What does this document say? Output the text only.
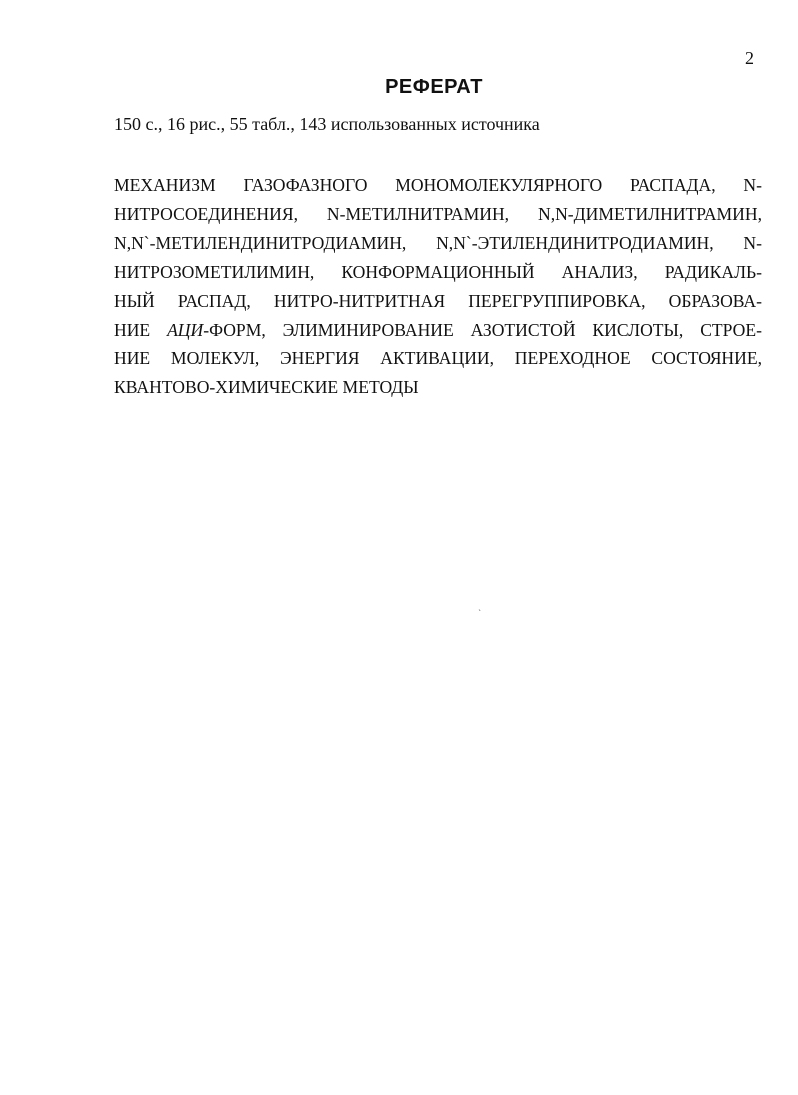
2
РЕФЕРАТ
150 с., 16 рис., 55 табл., 143 использованных источника
МЕХАНИЗМ ГАЗОФАЗНОГО МОНОМОЛЕКУЛЯРНОГО РАСПАДА, N-
НИТРОСОЕДИНЕНИЯ, N-МЕТИЛНИТРАМИН, N,N-ДИМЕТИЛНИТРАМИН,
N,N`-МЕТИЛЕНДИНИТРОДИАМИН, N,N`-ЭТИЛЕНДИНИТРОДИАМИН, N-
НИТРОЗОМЕТИЛИМИН, КОНФОРМАЦИОННЫЙ АНАЛИЗ, РАДИКАЛЬ-
НЫЙ РАСПАД, НИТРО-НИТРИТНАЯ ПЕРЕГРУППИРОВКА, ОБРАЗОВА-
НИЕ АЦИ-ФОРМ, ЭЛИМИНИРОВАНИЕ АЗОТИСТОЙ КИСЛОТЫ, СТРОЕ-
НИЕ МОЛЕКУЛ, ЭНЕРГИЯ АКТИВАЦИИ, ПЕРЕХОДНОЕ СОСТОЯНИЕ,
КВАНТОВО-ХИМИЧЕСКИЕ МЕТОДЫ
ˎ
